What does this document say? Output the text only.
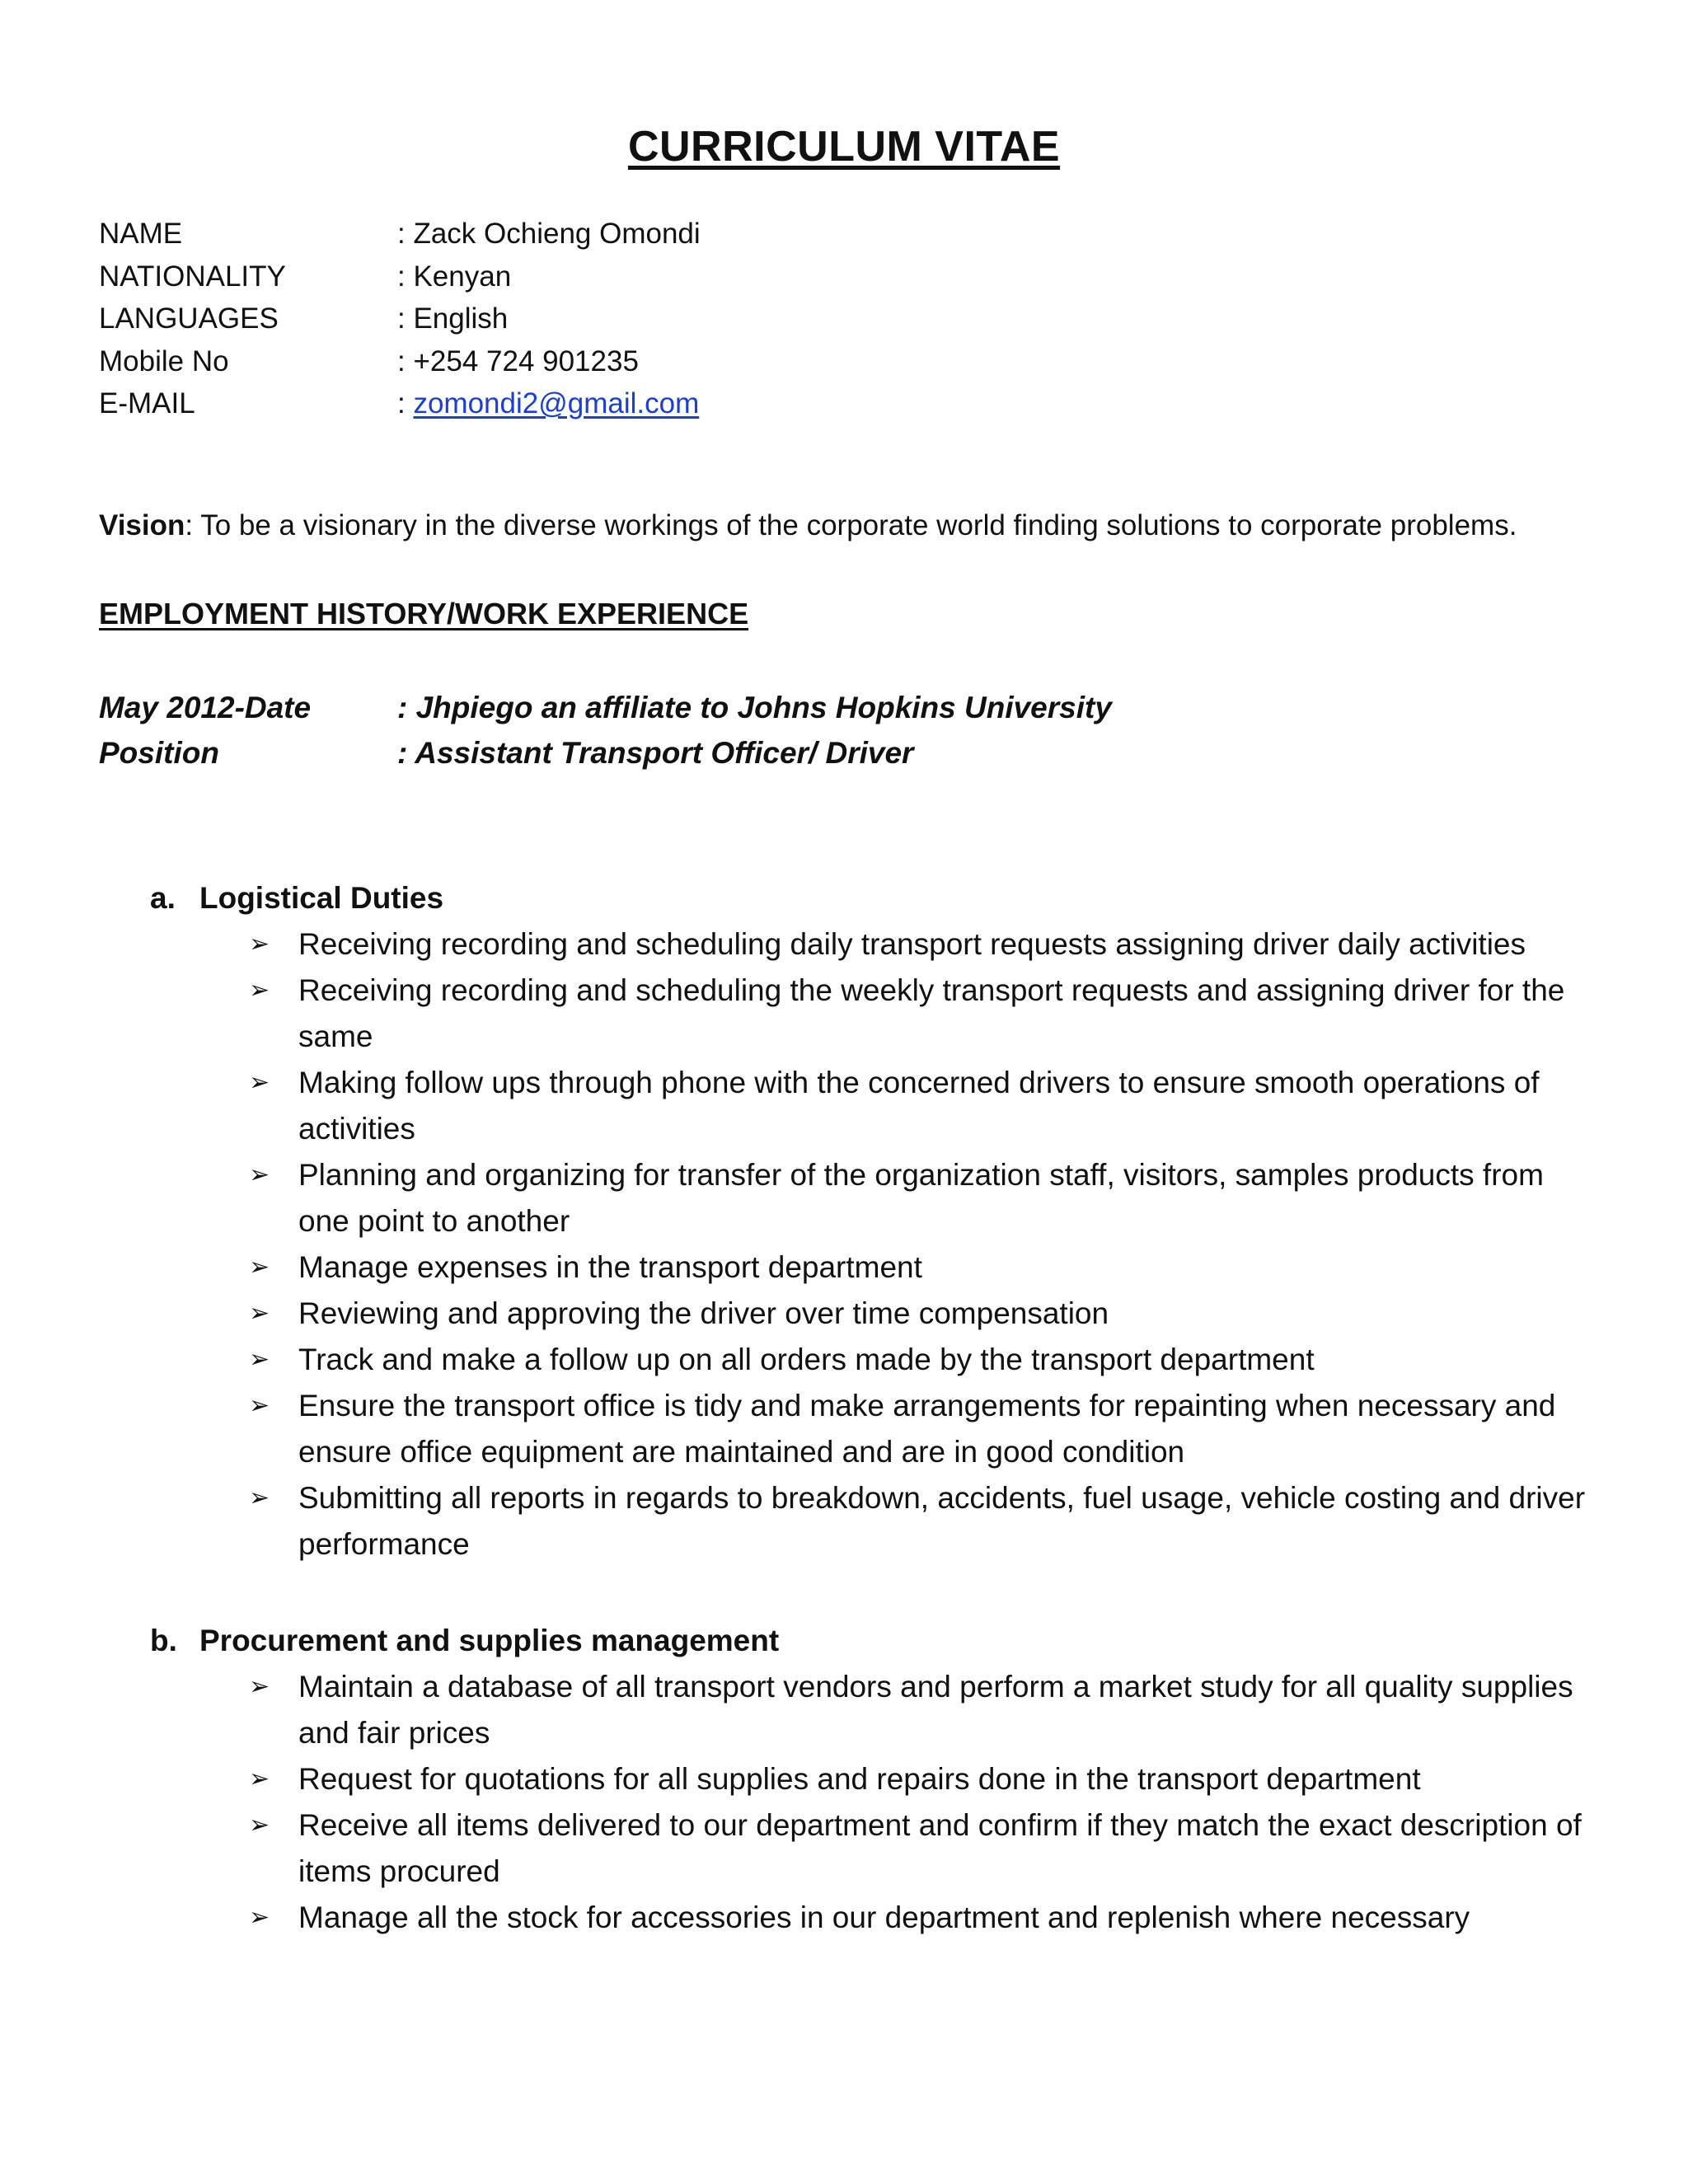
CURRICULUM VITAE
NAME	: Zack Ochieng Omondi
NATIONALITY	: Kenyan
LANGUAGES	: English
Mobile No	: +254 724 901235
E-MAIL	: zomondi2@gmail.com
Vision: To be a visionary in the diverse workings of the corporate world finding solutions to corporate problems.
EMPLOYMENT HISTORY/WORK EXPERIENCE
May 2012-Date	: Jhpiego an affiliate to Johns Hopkins University
Position	: Assistant Transport Officer/ Driver
a. Logistical Duties
➢ Receiving recording and scheduling daily transport requests assigning driver daily activities
➢ Receiving recording and scheduling the weekly transport requests and assigning driver for the same
➢ Making follow ups through phone with the concerned drivers to ensure smooth operations of activities
➢ Planning and organizing for transfer of the organization staff, visitors, samples products from one point to another
➢ Manage expenses in the transport department
➢ Reviewing and approving the driver over time compensation
➢ Track and make a follow up on all orders made by the transport department
➢ Ensure the transport office is tidy and make arrangements for repainting when necessary and ensure office equipment are maintained and are in good condition
➢ Submitting all reports in regards to breakdown, accidents, fuel usage, vehicle costing and driver performance
b. Procurement and supplies management
➢ Maintain a database of all transport vendors and perform a market study for all quality supplies and fair prices
➢ Request for quotations for all supplies and repairs done in the transport department
➢ Receive all items delivered to our department and confirm if they match the exact description of items procured
➢ Manage all the stock for accessories in our department and replenish where necessary
